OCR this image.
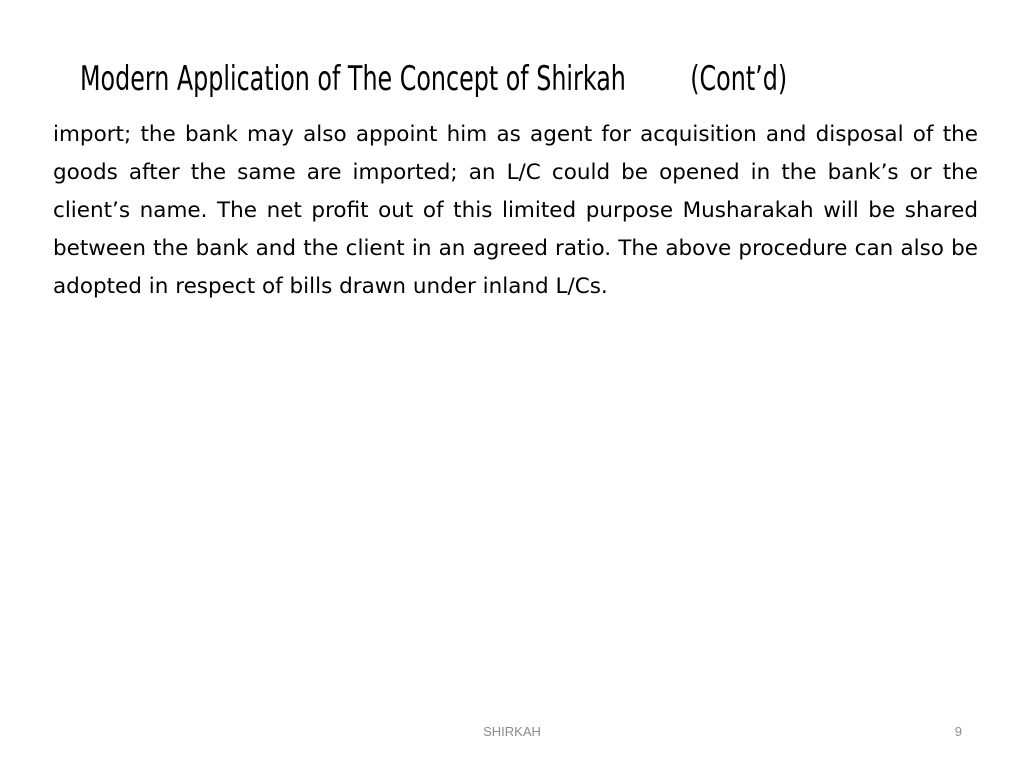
Modern Application of The Concept of Shirkah (Cont’d)

import; the bank may also appoint him as agent for acquisition and disposal of the goods after the same are imported; an L/C could be opened in the bank’s or the client’s name. The net profit out of this limited purpose Musharakah will be shared between the bank and the client in an agreed ratio. The above procedure can also be adopted in respect of bills drawn under inland L/Cs.

SHIRKAH	9
